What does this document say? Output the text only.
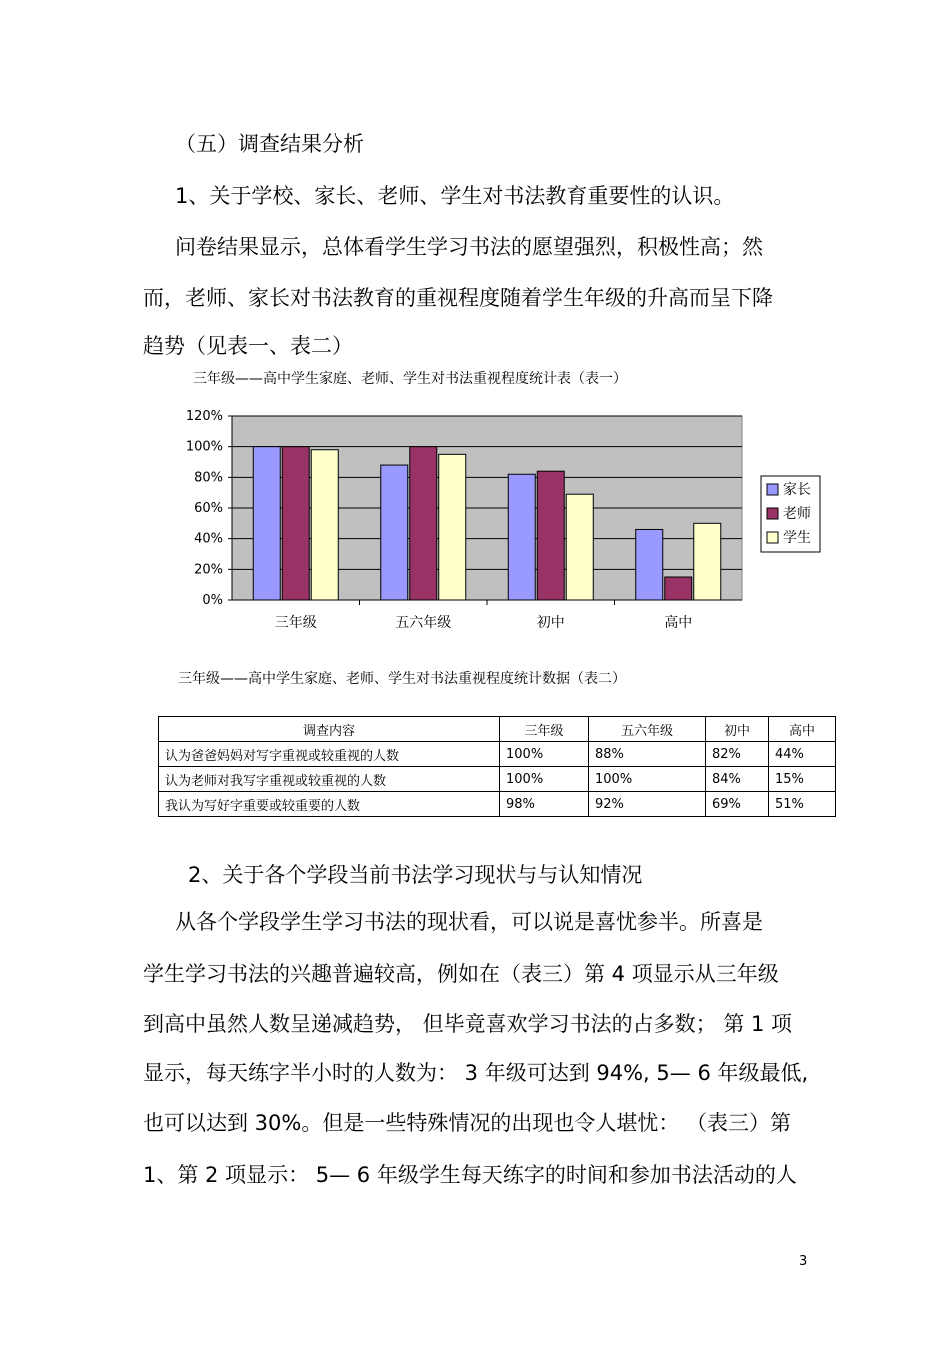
（五）调查结果分析
1、关于学校、家长、老师、学生对书法教育重要性的认识。
问卷结果显示，总体看学生学习书法的愿望强烈，积极性高；然
而，老师、家长对书法教育的重视程度随着学生年级的升高而呈下降
趋势（见表一、表二）
三年级——高中学生家庭、老师、学生对书法重视程度统计表（表一）
0%
20%
40%
60%
80%
100%
120%
三年级	五六年级	初中	高中
家长
老师
学生
三年级——高中学生家庭、老师、学生对书法重视程度统计数据（表二）
调查内容	三年级	五六年级	初中	高中
认为爸爸妈妈对写字重视或较重视的人数	100%	88%	82%	44%
认为老师对我写字重视或较重视的人数	100%	100%	84%	15%
我认为写好字重要或较重要的人数	98%	92%	69%	51%
2、关于各个学段当前书法学习现状与与认知情况
从各个学段学生学习书法的现状看，可以说是喜忧参半。所喜是
学生学习书法的兴趣普遍较高，例如在（表三）第 4 项显示从三年级
到高中虽然人数呈递减趋势， 但毕竟喜欢学习书法的占多数； 第 1 项
显示，每天练字半小时的人数为： 3 年级可达到 94%, 5— 6 年级最低,
也可以达到 30%。但是一些特殊情况的出现也令人堪忧： （表三）第
1、第 2 项显示： 5— 6 年级学生每天练字的时间和参加书法活动的人
3
